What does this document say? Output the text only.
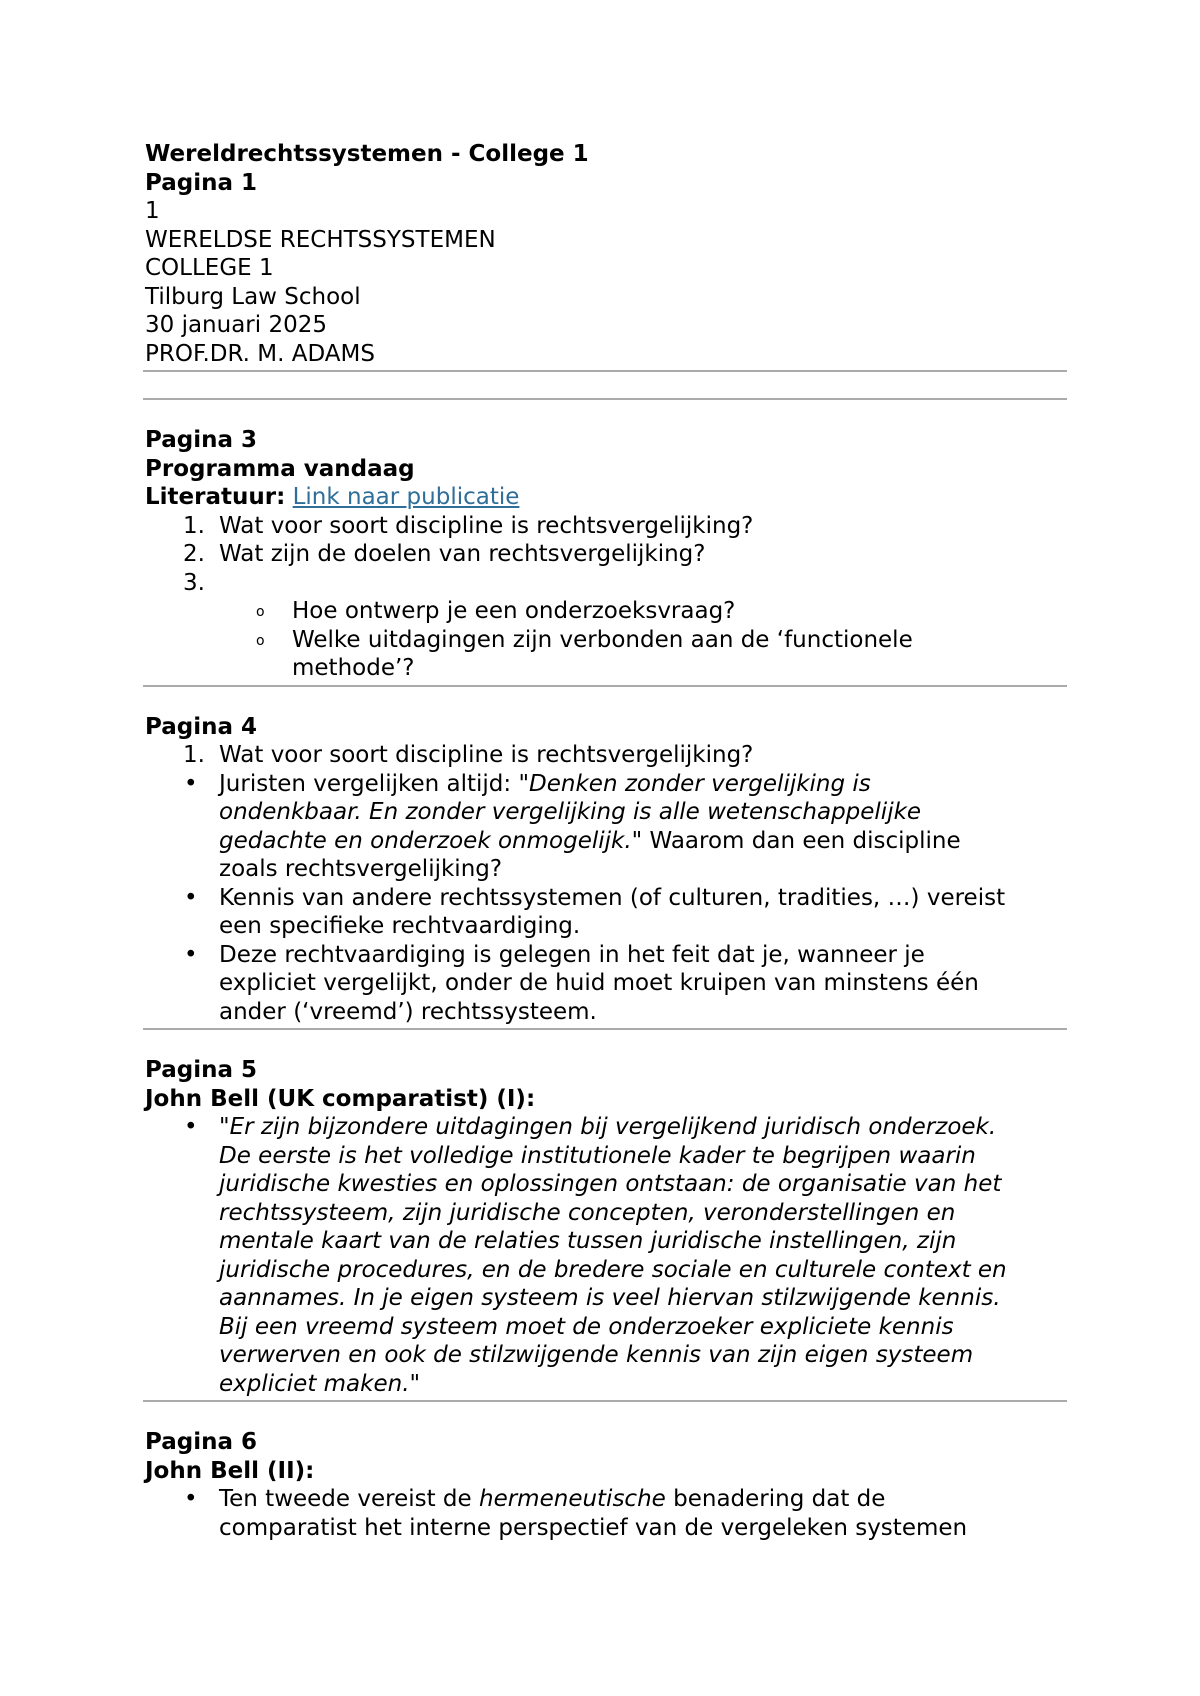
Wereldrechtssystemen - College 1
Pagina 1
1
WERELDSE RECHTSSYSTEMEN
COLLEGE 1
Tilburg Law School
30 januari 2025
PROF.DR. M. ADAMS
Pagina 3
Programma vandaag
Literatuur: Link naar publicatie
1. Wat voor soort discipline is rechtsvergelijking?
2. Wat zijn de doelen van rechtsvergelijking?
3.
o Hoe ontwerp je een onderzoeksvraag?
o Welke uitdagingen zijn verbonden aan de ‘functionele
methode’?
Pagina 4
1. Wat voor soort discipline is rechtsvergelijking?
• Juristen vergelijken altijd: "Denken zonder vergelijking is
ondenkbaar. En zonder vergelijking is alle wetenschappelijke
gedachte en onderzoek onmogelijk." Waarom dan een discipline
zoals rechtsvergelijking?
• Kennis van andere rechtssystemen (of culturen, tradities, …) vereist
een specifieke rechtvaardiging.
• Deze rechtvaardiging is gelegen in het feit dat je, wanneer je
expliciet vergelijkt, onder de huid moet kruipen van minstens één
ander (‘vreemd’) rechtssysteem.
Pagina 5
John Bell (UK comparatist) (I):
• "Er zijn bijzondere uitdagingen bij vergelijkend juridisch onderzoek.
De eerste is het volledige institutionele kader te begrijpen waarin
juridische kwesties en oplossingen ontstaan: de organisatie van het
rechtssysteem, zijn juridische concepten, veronderstellingen en
mentale kaart van de relaties tussen juridische instellingen, zijn
juridische procedures, en de bredere sociale en culturele context en
aannames. In je eigen systeem is veel hiervan stilzwijgende kennis.
Bij een vreemd systeem moet de onderzoeker expliciete kennis
verwerven en ook de stilzwijgende kennis van zijn eigen systeem
expliciet maken."
Pagina 6
John Bell (II):
• Ten tweede vereist de hermeneutische benadering dat de
comparatist het interne perspectief van de vergeleken systemen
